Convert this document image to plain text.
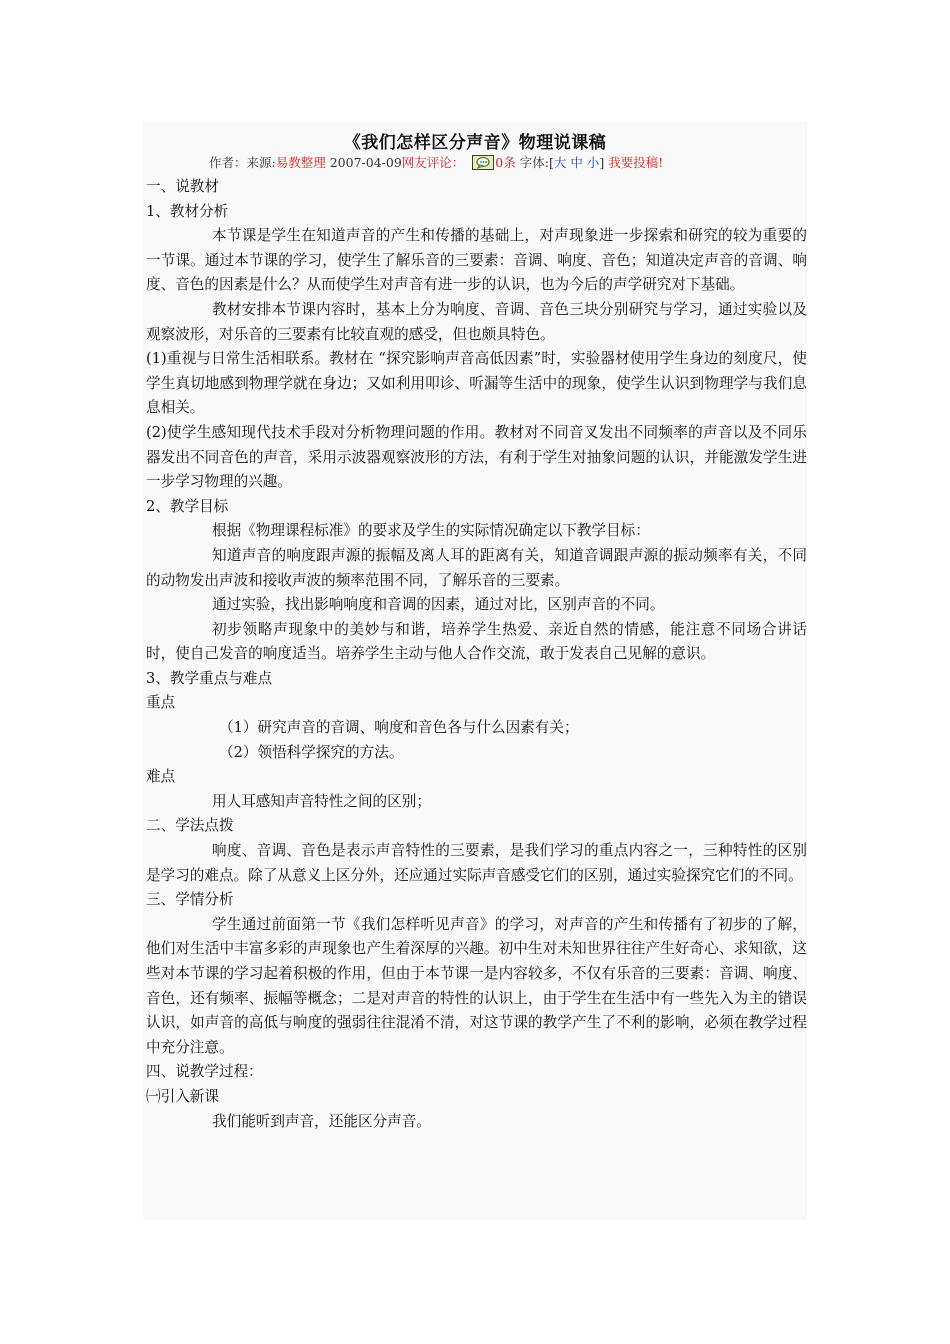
《我们怎样区分声音》物理说课稿
作者：来源:易教整理 2007-04-09网友评论： 0条 字体:[大 中 小] 我要投稿!

一、说教材

1、教材分析

本节课是学生在知道声音的产生和传播的基础上，对声现象进一步探索和研究的较为重要的一节课。通过本节课的学习，使学生了解乐音的三要素：音调、响度、音色；知道决定声音的音调、响度、音色的因素是什么？从而使学生对声音有进一步的认识，也为今后的声学研究对下基础。

教材安排本节课内容时，基本上分为响度、音调、音色三块分别研究与学习，通过实验以及观察波形，对乐音的三要素有比较直观的感受，但也颇具特色。

(1)重视与日常生活相联系。教材在 “探究影响声音高低因素”时，实验器材使用学生身边的刻度尺，使学生真切地感到物理学就在身边；又如利用叩诊、听漏等生活中的现象，使学生认识到物理学与我们息息相关。

(2)使学生感知现代技术手段对分析物理问题的作用。教材对不同音叉发出不同频率的声音以及不同乐器发出不同音色的声音，采用示波器观察波形的方法，有利于学生对抽象问题的认识，并能激发学生进一步学习物理的兴趣。

2、教学目标

根据《物理课程标准》的要求及学生的实际情况确定以下教学目标：

知道声音的响度跟声源的振幅及离人耳的距离有关，知道音调跟声源的振动频率有关，不同的动物发出声波和接收声波的频率范围不同，了解乐音的三要素。

通过实验，找出影响响度和音调的因素，通过对比，区别声音的不同。

初步领略声现象中的美妙与和谐，培养学生热爱、亲近自然的情感，能注意不同场合讲话时，使自己发音的响度适当。培养学生主动与他人合作交流，敢于发表自己见解的意识。

3、教学重点与难点

重点

（1）研究声音的音调、响度和音色各与什么因素有关；

（2）领悟科学探究的方法。

难点

用人耳感知声音特性之间的区别；

二、学法点拨

响度、音调、音色是表示声音特性的三要素，是我们学习的重点内容之一，三种特性的区别是学习的难点。除了从意义上区分外，还应通过实际声音感受它们的区别，通过实验探究它们的不同。

三、学情分析

学生通过前面第一节《我们怎样听见声音》的学习，对声音的产生和传播有了初步的了解，他们对生活中丰富多彩的声现象也产生着深厚的兴趣。初中生对未知世界往往产生好奇心、求知欲，这些对本节课的学习起着积极的作用，但由于本节课一是内容较多，不仅有乐音的三要素：音调、响度、音色，还有频率、振幅等概念；二是对声音的特性的认识上，由于学生在生活中有一些先入为主的错误认识，如声音的高低与响度的强弱往往混淆不清，对这节课的教学产生了不利的影响，必须在教学过程中充分注意。

四、说教学过程：

㈠引入新课

我们能听到声音，还能区分声音。
